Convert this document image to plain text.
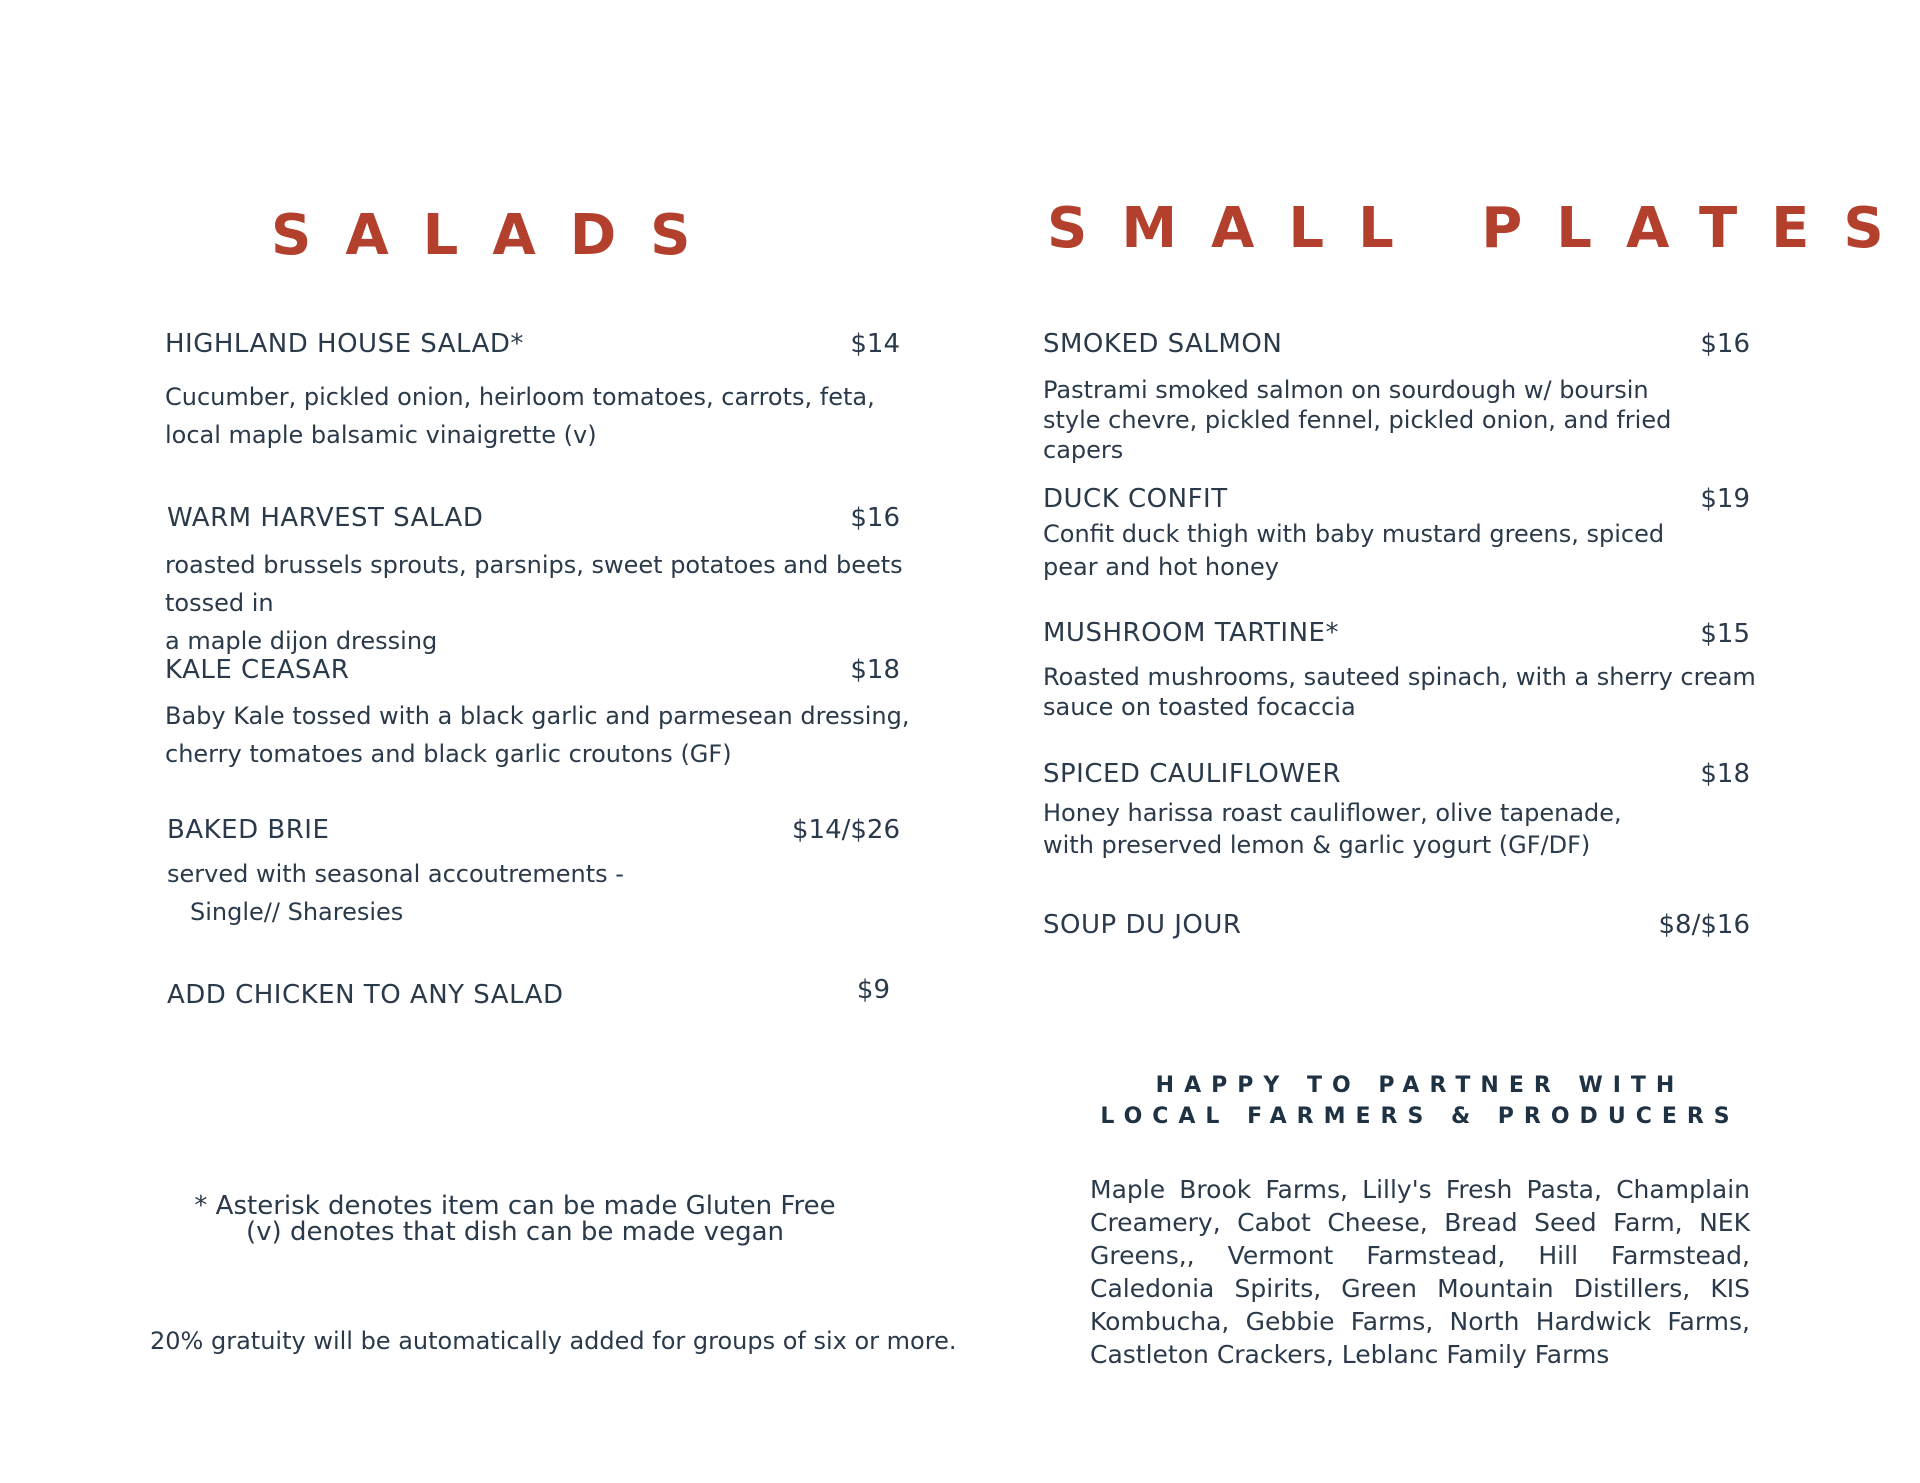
SALADS
HIGHLAND HOUSE SALAD*	$14
Cucumber, pickled onion, heirloom tomatoes, carrots, feta,
local maple balsamic vinaigrette (v)
WARM HARVEST SALAD	$16
roasted brussels sprouts, parsnips, sweet potatoes and beets tossed in
a maple dijon dressing
KALE CEASAR	$18
Baby Kale tossed with a black garlic and parmesean dressing,
cherry tomatoes and black garlic croutons (GF)
BAKED BRIE	$14/$26
served with seasonal accoutrements -
Single// Sharesies
ADD CHICKEN TO ANY SALAD	$9
* Asterisk denotes item can be made Gluten Free
(v) denotes that dish can be made vegan
20% gratuity will be automatically added for groups of six or more.
SMALL PLATES
SMOKED SALMON	$16
Pastrami smoked salmon on sourdough w/ boursin
style chevre, pickled fennel, pickled onion, and fried
capers
DUCK CONFIT	$19
Confit duck thigh with baby mustard greens, spiced
pear and hot honey
MUSHROOM TARTINE*	$15
Roasted mushrooms, sauteed spinach, with a sherry cream
sauce on toasted focaccia
SPICED CAULIFLOWER	$18
Honey harissa roast cauliflower, olive tapenade,
with preserved lemon & garlic yogurt (GF/DF)
SOUP DU JOUR	$8/$16
HAPPY TO PARTNER WITH
LOCAL FARMERS & PRODUCERS
Maple Brook Farms, Lilly's Fresh Pasta, Champlain Creamery, Cabot Cheese, Bread Seed Farm, NEK Greens,, Vermont Farmstead, Hill Farmstead, Caledonia Spirits, Green Mountain Distillers, KIS Kombucha, Gebbie Farms, North Hardwick Farms, Castleton Crackers, Leblanc Family Farms
